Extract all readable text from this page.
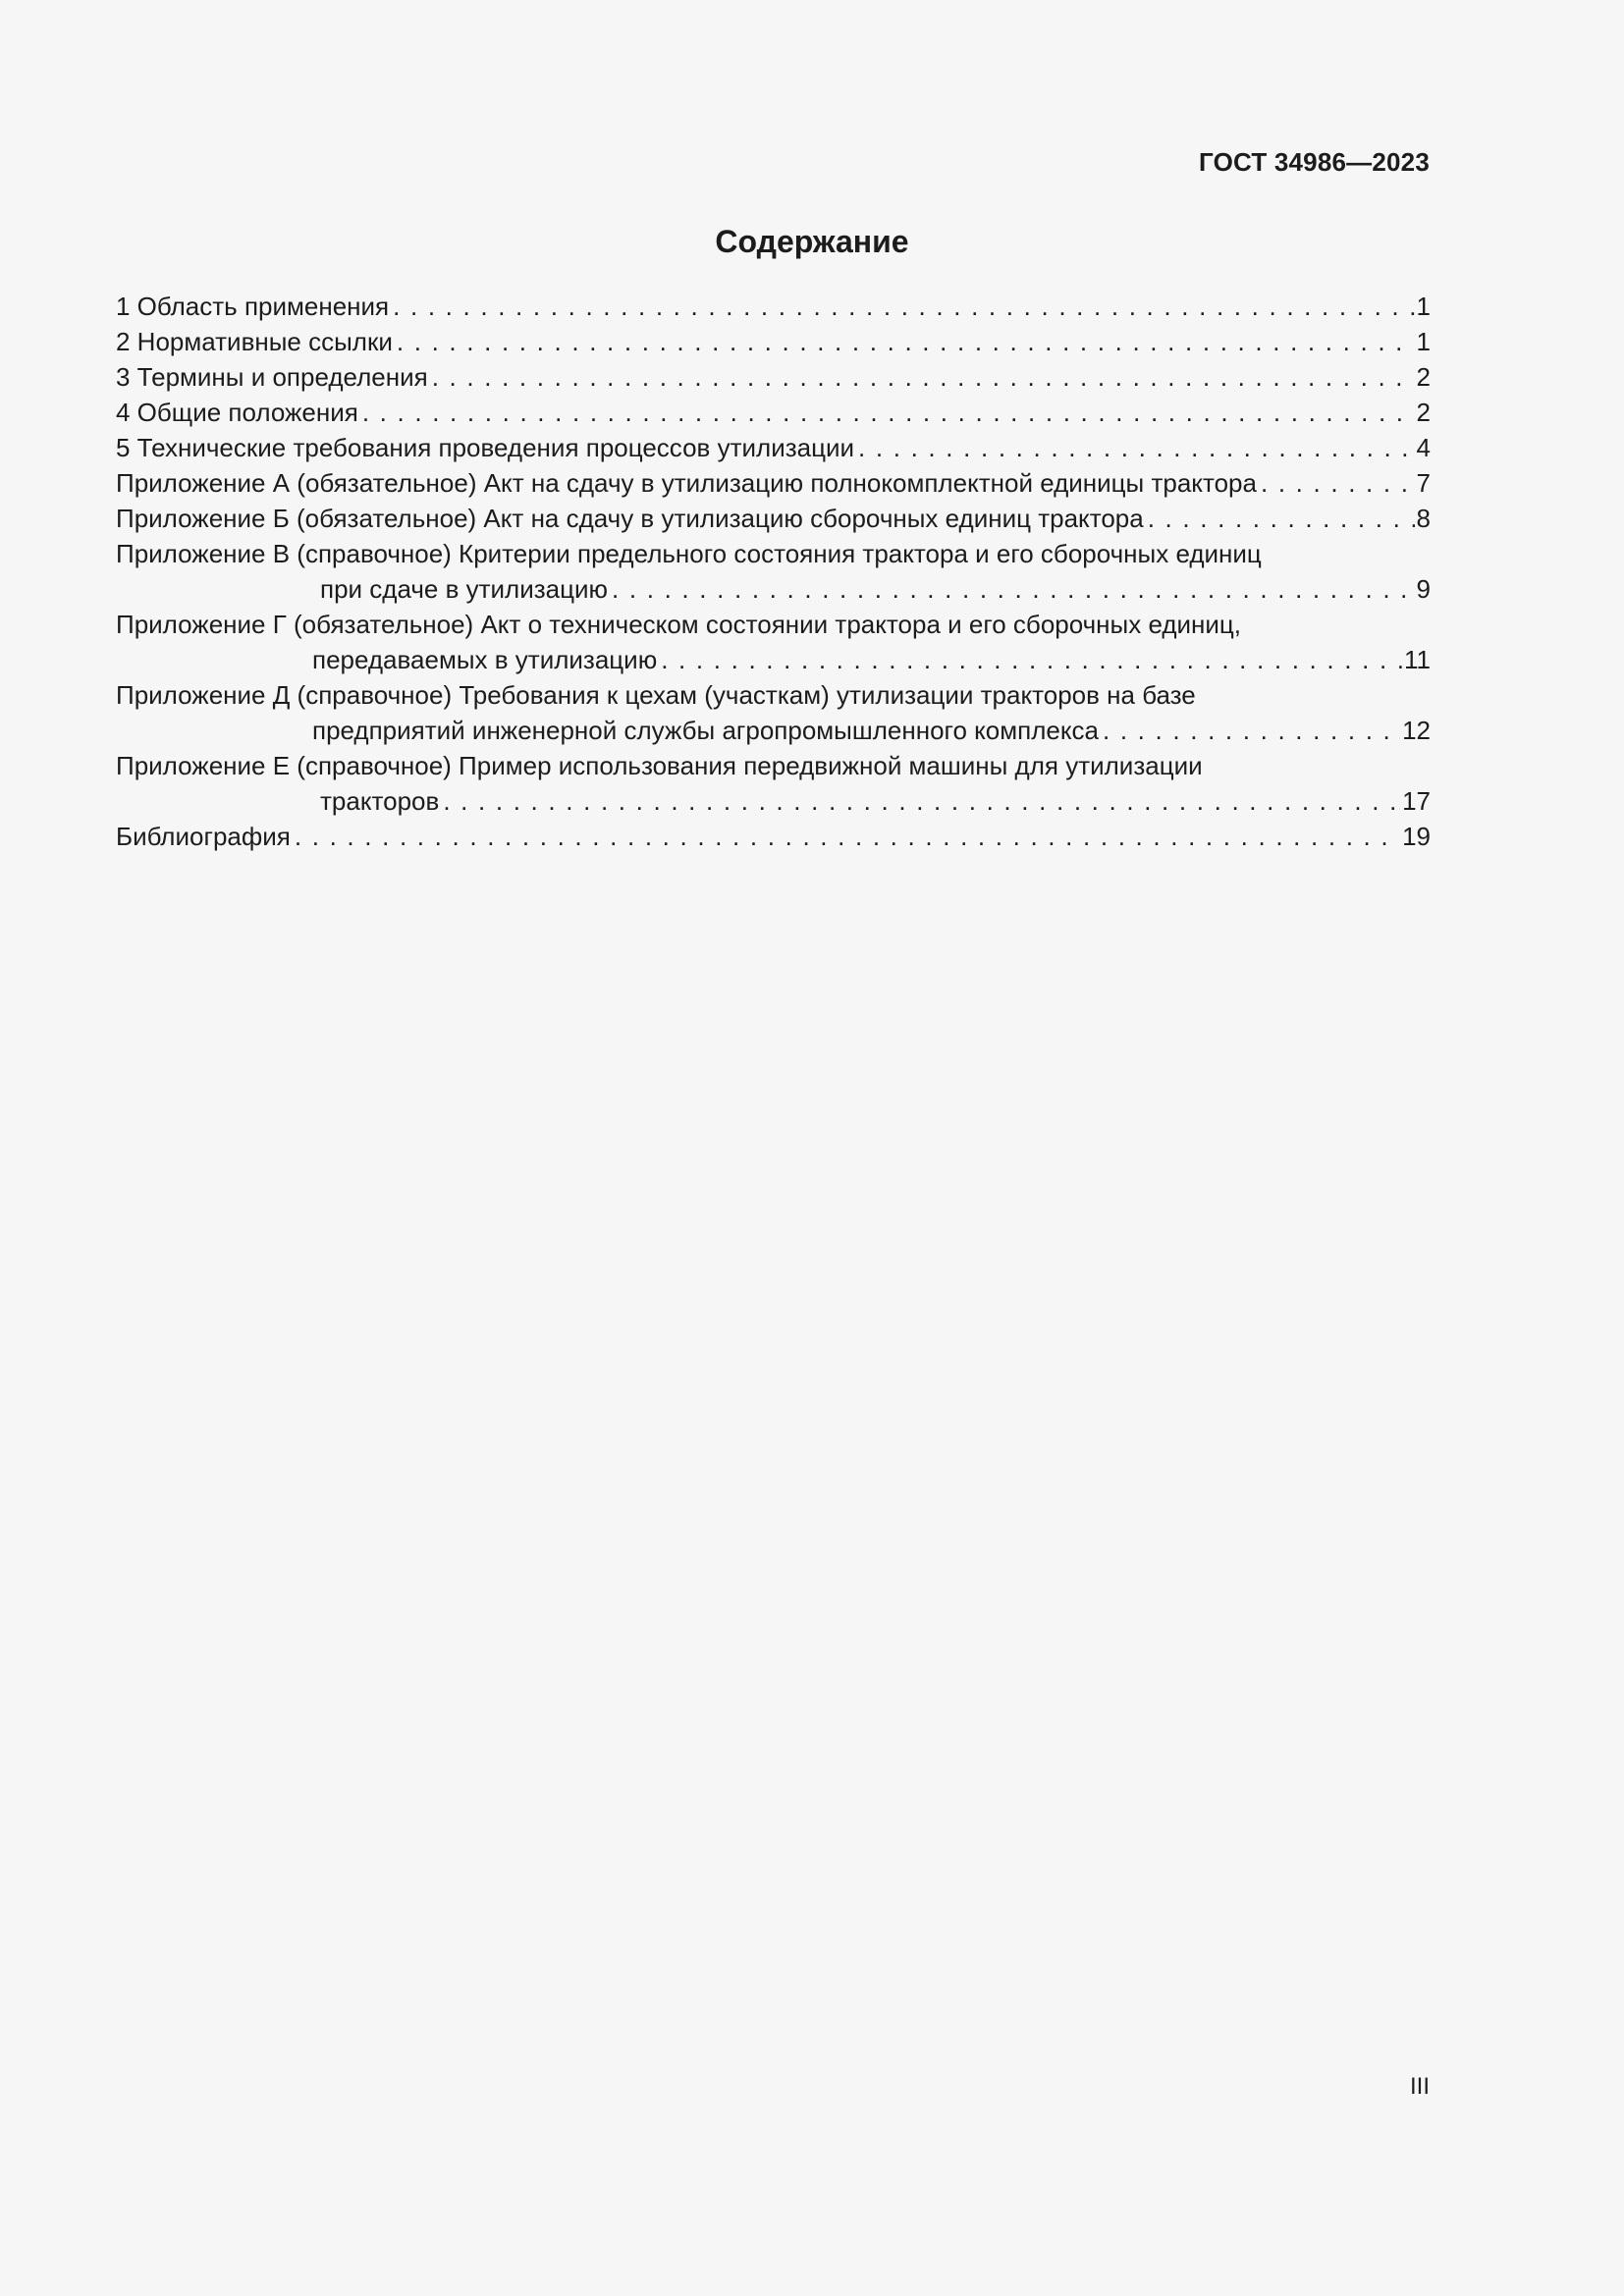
ГОСТ 34986—2023
Содержание
1 Область применения . . .	1
2 Нормативные ссылки . . .	1
3 Термины и определения . . .	2
4 Общие положения . . .	2
5 Технические требования проведения процессов утилизации . . .	4
Приложение А (обязательное) Акт на сдачу в утилизацию полнокомплектной единицы трактора . . .	7
Приложение Б (обязательное) Акт на сдачу в утилизацию сборочных единиц трактора . . .	8
Приложение В (справочное) Критерии предельного состояния трактора и его сборочных единиц
при сдаче в утилизацию . . .	9
Приложение Г (обязательное) Акт о техническом состоянии трактора и его сборочных единиц,
передаваемых в утилизацию . . .	11
Приложение Д (справочное) Требования к цехам (участкам) утилизации тракторов на базе
предприятий инженерной службы агропромышленного комплекса . . .	12
Приложение Е (справочное) Пример использования передвижной машины для утилизации
тракторов . . .	17
Библиография . . .	19
III
